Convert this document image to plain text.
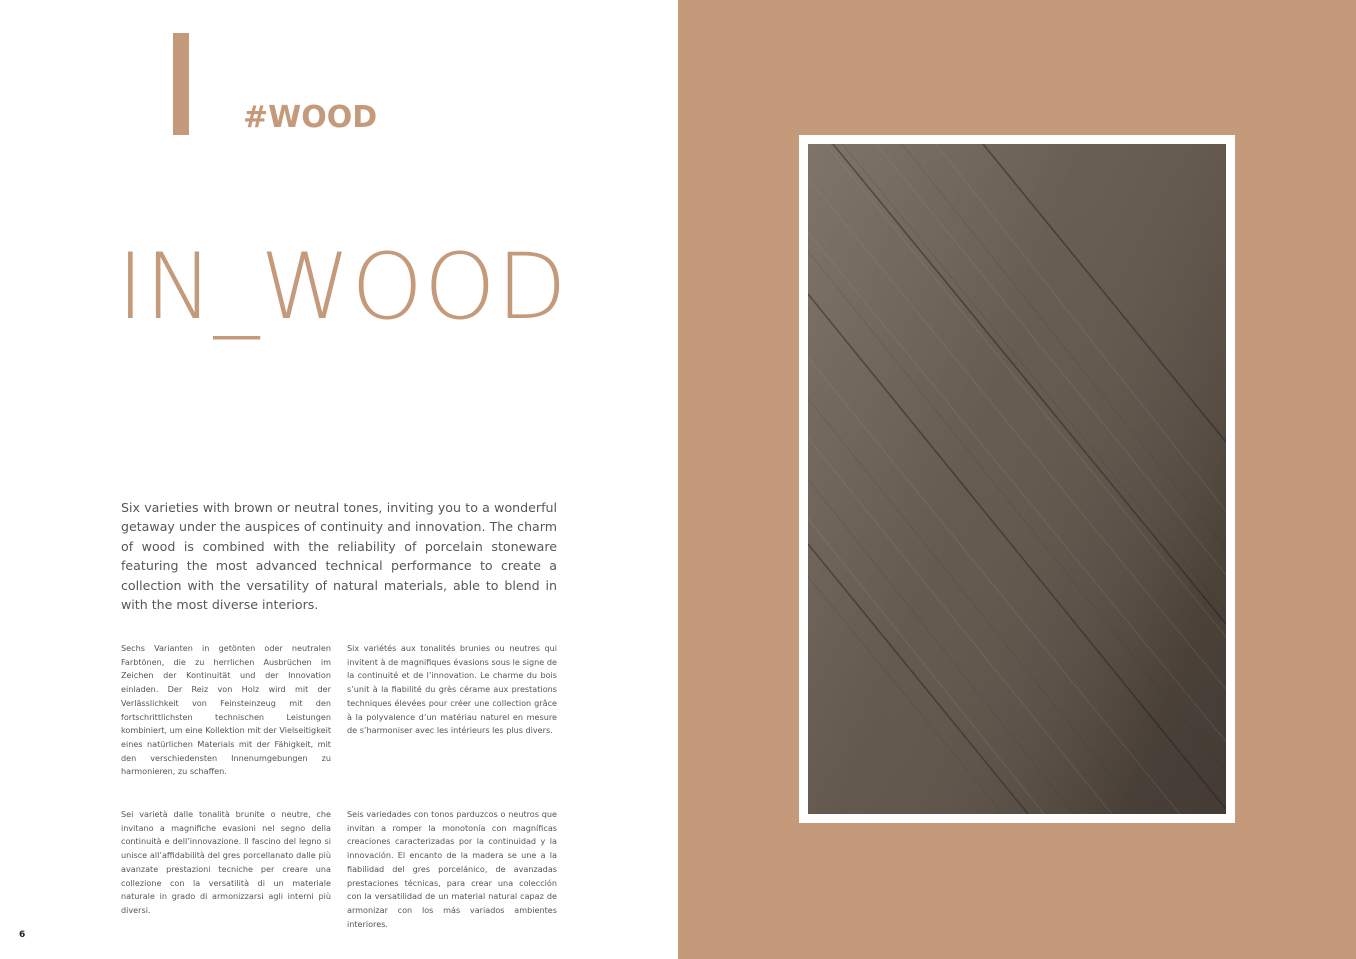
#WOOD
IN_WOOD

Six varieties with brown or neutral tones, inviting you to a wonderful getaway under the auspices of continuity and innovation. The charm of wood is combined with the reliability of porcelain stoneware featuring the most advanced technical performance to create a collection with the versatility of natural materials, able to blend in with the most diverse interiors.

Sechs Varianten in getönten oder neutralen Farbtönen, die zu herrlichen Ausbrüchen im Zeichen der Kontinuität und der Innovation einladen. Der Reiz von Holz wird mit der Verlässlichkeit von Feinsteinzeug mit den fortschrittlichsten technischen Leistungen kombiniert, um eine Kollektion mit der Vielseitigkeit eines natürlichen Materials mit der Fähigkeit, mit den verschiedensten Innenumgebungen zu harmonieren, zu schaffen.

Six variétés aux tonalités brunies ou neutres qui invitent à de magnifiques évasions sous le signe de la continuité et de l’innovation. Le charme du bois s’unit à la fiabilité du grès cérame aux prestations techniques élevées pour créer une collection grâce à la polyvalence d’un matériau naturel en mesure de s’harmoniser avec les intérieurs les plus divers.

Sei varietà dalle tonalità brunite o neutre, che invitano a magnifiche evasioni nel segno della continuità e dell’innovazione. Il fascino del legno si unisce all’affidabilità del gres porcellanato dalle più avanzate prestazioni tecniche per creare una collezione con la versatilità di un materiale naturale in grado di armonizzarsi agli interni più diversi.

Seis variedades con tonos parduzcos o neutros que invitan a romper la monotonía con magníficas creaciones caracterizadas por la continuidad y la innovación. El encanto de la madera se une a la fiabilidad del gres porcelánico, de avanzadas prestaciones técnicas, para crear una colección con la versatilidad de un material natural capaz de armonizar con los más variados ambientes interiores.

6
